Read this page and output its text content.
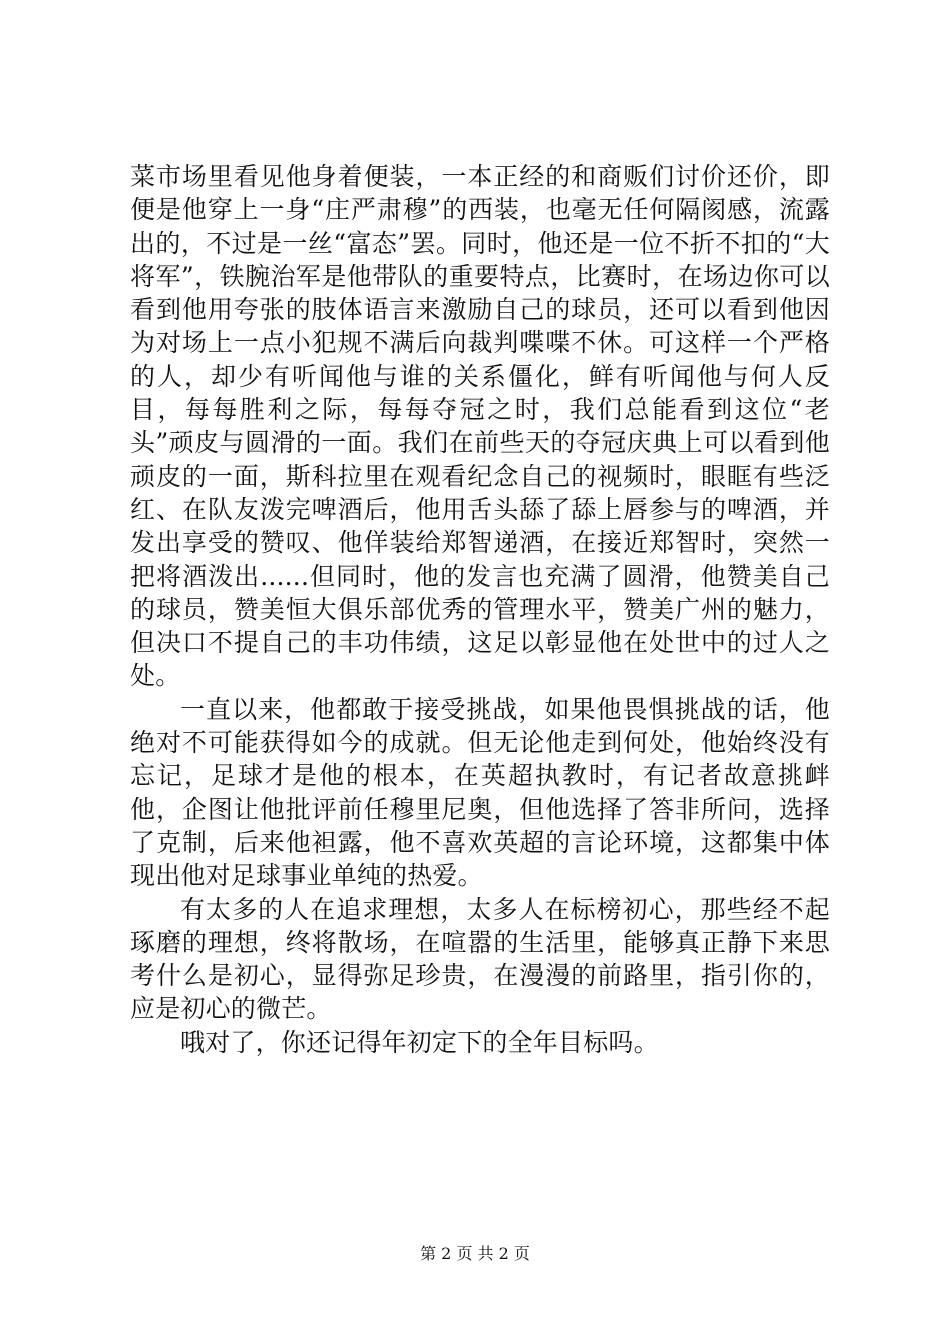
菜市场里看见他身着便装，一本正经的和商贩们讨价还价，即便是他穿上一身“庄严肃穆”的西装，也毫无任何隔阂感，流露出的，不过是一丝“富态”罢。同时，他还是一位不折不扣的“大将军”，铁腕治军是他带队的重要特点，比赛时，在场边你可以看到他用夸张的肢体语言来激励自己的球员，还可以看到他因为对场上一点小犯规不满后向裁判喋喋不休。可这样一个严格的人，却少有听闻他与谁的关系僵化，鲜有听闻他与何人反目，每每胜利之际，每每夺冠之时，我们总能看到这位“老头”顽皮与圆滑的一面。我们在前些天的夺冠庆典上可以看到他顽皮的一面，斯科拉里在观看纪念自己的视频时，眼眶有些泛红、在队友泼完啤酒后，他用舌头舔了舔上唇参与的啤酒，并发出享受的赞叹、他佯装给郑智递酒，在接近郑智时，突然一把将酒泼出......但同时，他的发言也充满了圆滑，他赞美自己的球员，赞美恒大俱乐部优秀的管理水平，赞美广州的魅力，但决口不提自己的丰功伟绩，这足以彰显他在处世中的过人之处。

一直以来，他都敢于接受挑战，如果他畏惧挑战的话，他绝对不可能获得如今的成就。但无论他走到何处，他始终没有忘记，足球才是他的根本，在英超执教时，有记者故意挑衅他，企图让他批评前任穆里尼奥，但他选择了答非所问，选择了克制，后来他袒露，他不喜欢英超的言论环境，这都集中体现出他对足球事业单纯的热爱。

有太多的人在追求理想，太多人在标榜初心，那些经不起琢磨的理想，终将散场，在喧嚣的生活里，能够真正静下来思考什么是初心，显得弥足珍贵，在漫漫的前路里，指引你的，应是初心的微芒。

哦对了，你还记得年初定下的全年目标吗。

第 2 页 共 2 页
